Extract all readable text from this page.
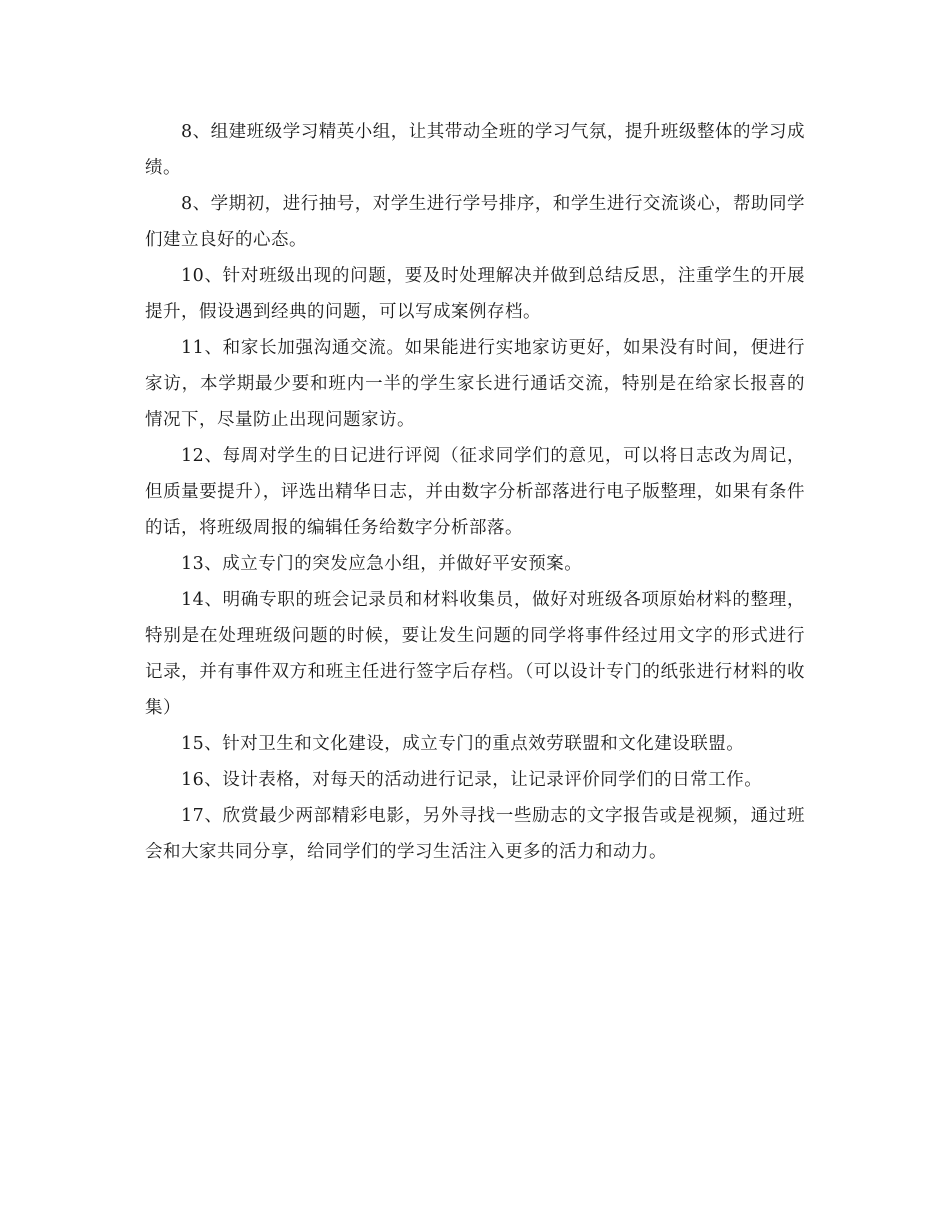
8、组建班级学习精英小组，让其带动全班的学习气氛，提升班级整体的学习成绩。

8、学期初，进行抽号，对学生进行学号排序，和学生进行交流谈心，帮助同学们建立良好的心态。

10、针对班级出现的问题，要及时处理解决并做到总结反思，注重学生的开展提升，假设遇到经典的问题，可以写成案例存档。

11、和家长加强沟通交流。如果能进行实地家访更好，如果没有时间，便进行　家访，本学期最少要和班内一半的学生家长进行通话交流，特别是在给家长报喜的情况下，尽量防止出现问题家访。

12、每周对学生的日记进行评阅（征求同学们的意见，可以将日志改为周记，但质量要提升），评选出精华日志，并由数字分析部落进行电子版整理，如果有条件的话，将班级周报的编辑任务给数字分析部落。

13、成立专门的突发应急小组，并做好平安预案。

14、明确专职的班会记录员和材料收集员，做好对班级各项原始材料的整理，特别是在处理班级问题的时候，要让发生问题的同学将事件经过用文字的形式进行记录，并有事件双方和班主任进行签字后存档。（可以设计专门的纸张进行材料的收集）

15、针对卫生和文化建设，成立专门的重点效劳联盟和文化建设联盟。

16、设计表格，对每天的活动进行记录，让记录评价同学们的日常工作。

17、欣赏最少两部精彩电影，另外寻找一些励志的文字报告或是视频，通过班会和大家共同分享，给同学们的学习生活注入更多的活力和动力。
